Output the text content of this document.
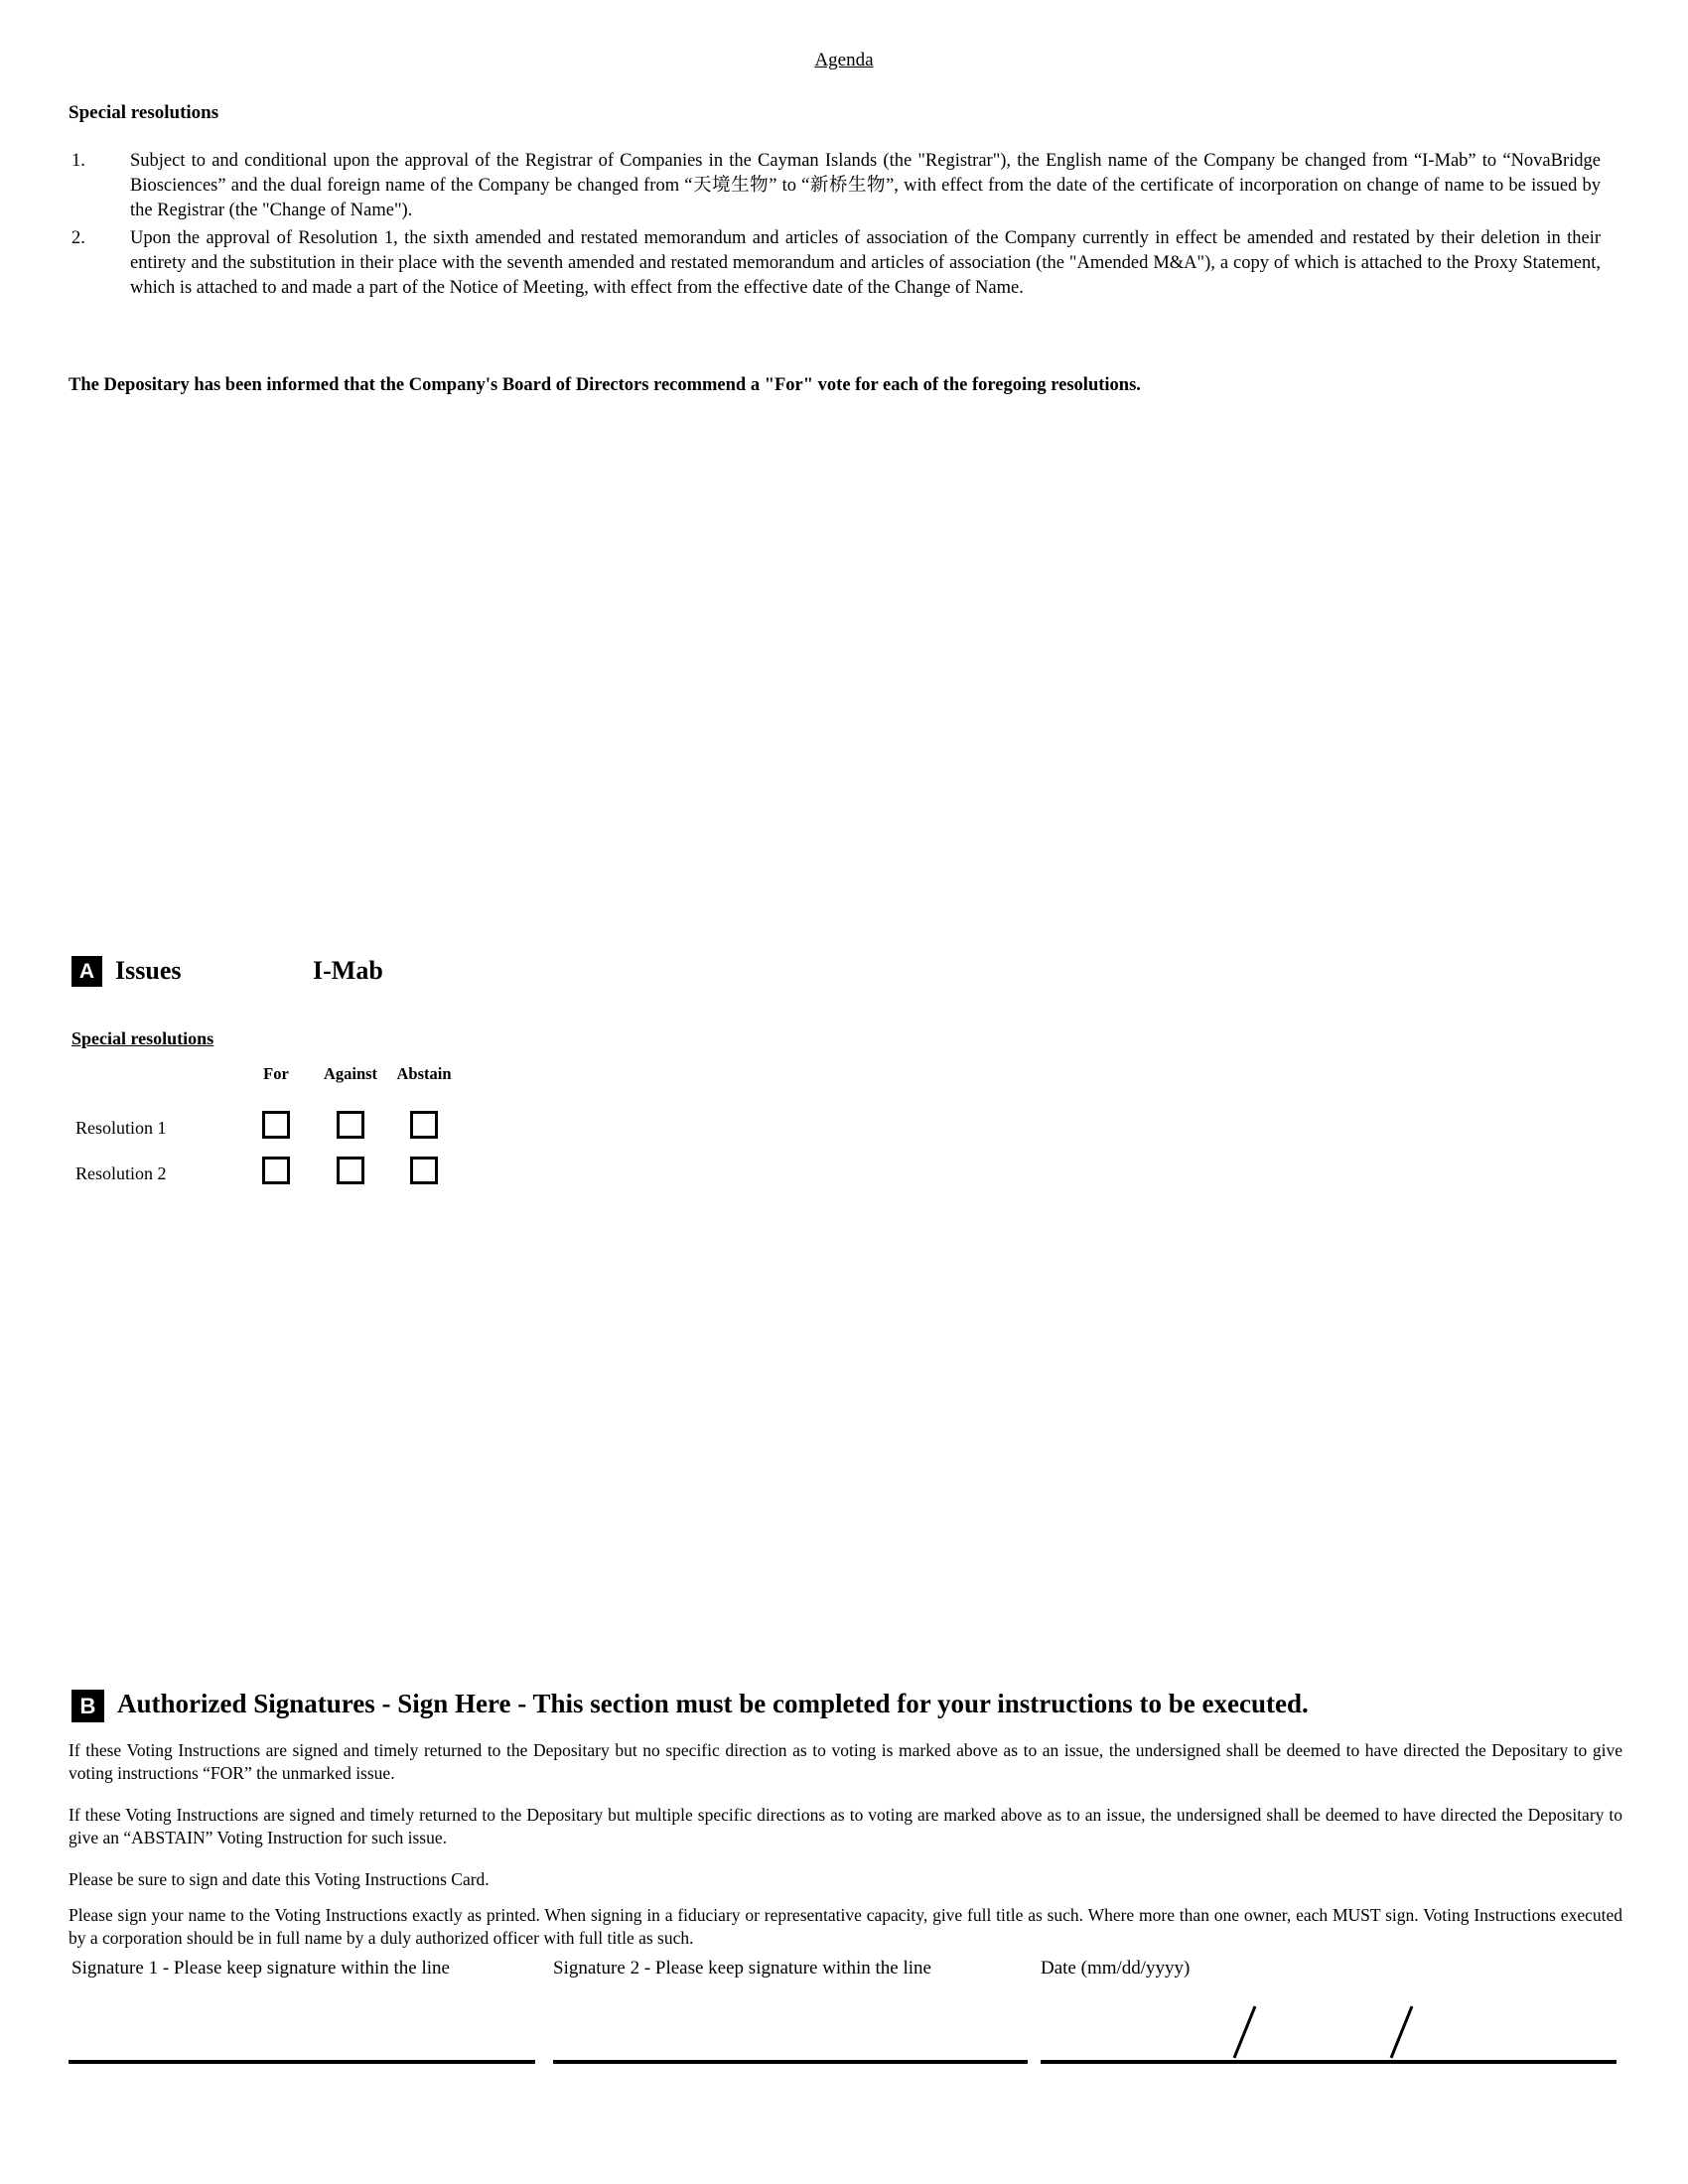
Agenda
Special resolutions
1.	Subject to and conditional upon the approval of the Registrar of Companies in the Cayman Islands (the "Registrar"), the English name of the Company be changed from “I-Mab” to “NovaBridge Biosciences” and the dual foreign name of the Company be changed from “天境生物” to “新桥生物”, with effect from the date of the certificate of incorporation on change of name to be issued by the Registrar (the "Change of Name").
2.	Upon the approval of Resolution 1, the sixth amended and restated memorandum and articles of association of the Company currently in effect be amended and restated by their deletion in their entirety and the substitution in their place with the seventh amended and restated memorandum and articles of association (the "Amended M&A"), a copy of which is attached to the Proxy Statement, which is attached to and made a part of the Notice of Meeting, with effect from the effective date of the Change of Name.
The Depositary has been informed that the Company's Board of Directors recommend a "For" vote for each of the foregoing resolutions.
A Issues	I-Mab
Special resolutions
For Against Abstain
Resolution 1
Resolution 2
B Authorized Signatures - Sign Here - This section must be completed for your instructions to be executed.
If these Voting Instructions are signed and timely returned to the Depositary but no specific direction as to voting is marked above as to an issue, the undersigned shall be deemed to have directed the Depositary to give voting instructions “FOR” the unmarked issue.
If these Voting Instructions are signed and timely returned to the Depositary but multiple specific directions as to voting are marked above as to an issue, the undersigned shall be deemed to have directed the Depositary to give an “ABSTAIN” Voting Instruction for such issue.
Please be sure to sign and date this Voting Instructions Card.
Please sign your name to the Voting Instructions exactly as printed. When signing in a fiduciary or representative capacity, give full title as such. Where more than one owner, each MUST sign. Voting Instructions executed by a corporation should be in full name by a duly authorized officer with full title as such.
Signature 1 - Please keep signature within the line	Signature 2 - Please keep signature within the line	Date (mm/dd/yyyy)
